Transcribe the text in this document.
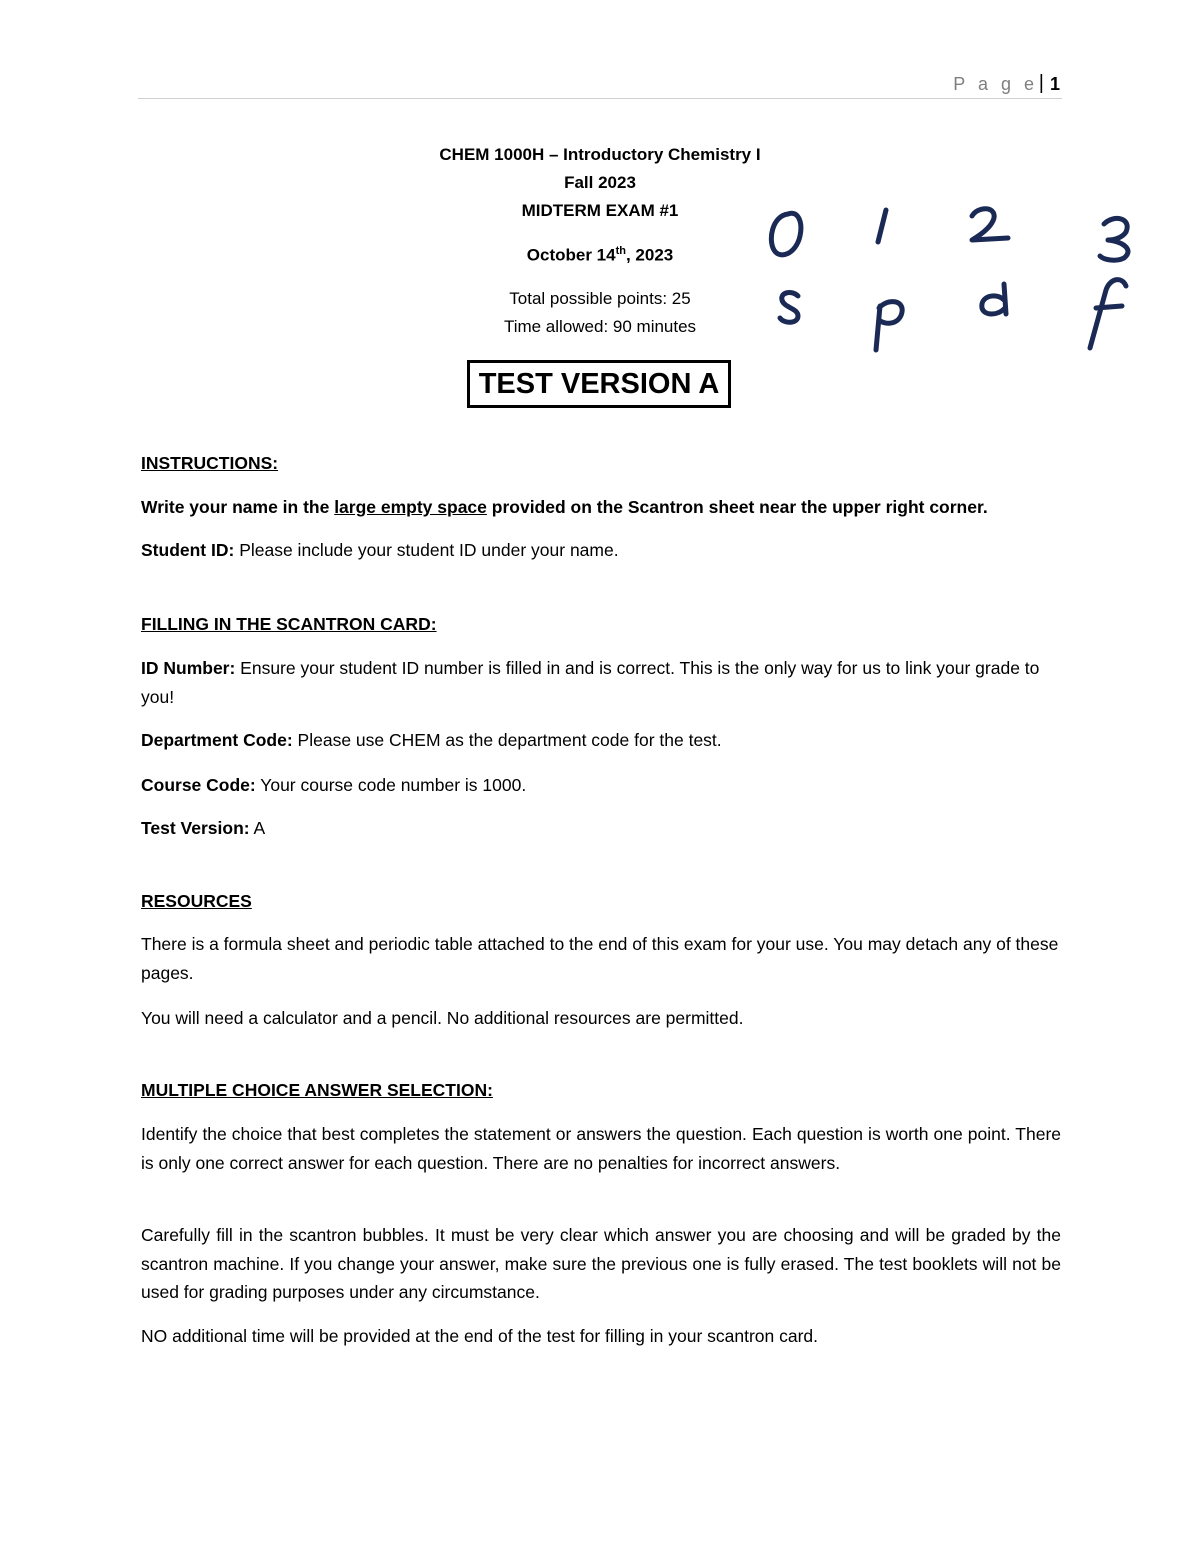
P a g e | 1
CHEM 1000H – Introductory Chemistry I
Fall 2023
MIDTERM EXAM #1
October 14th, 2023
Total possible points: 25
Time allowed: 90 minutes
TEST VERSION A
INSTRUCTIONS:
Write your name in the large empty space provided on the Scantron sheet near the upper right corner.
Student ID: Please include your student ID under your name.
FILLING IN THE SCANTRON CARD:
ID Number: Ensure your student ID number is filled in and is correct. This is the only way for us to link your grade to you!
Department Code: Please use CHEM as the department code for the test.
Course Code: Your course code number is 1000.
Test Version: A
RESOURCES
There is a formula sheet and periodic table attached to the end of this exam for your use. You may detach any of these pages.
You will need a calculator and a pencil. No additional resources are permitted.
MULTIPLE CHOICE ANSWER SELECTION:
Identify the choice that best completes the statement or answers the question. Each question is worth one point. There is only one correct answer for each question. There are no penalties for incorrect answers.
Carefully fill in the scantron bubbles. It must be very clear which answer you are choosing and will be graded by the scantron machine. If you change your answer, make sure the previous one is fully erased. The test booklets will not be used for grading purposes under any circumstance.
NO additional time will be provided at the end of the test for filling in your scantron card.
